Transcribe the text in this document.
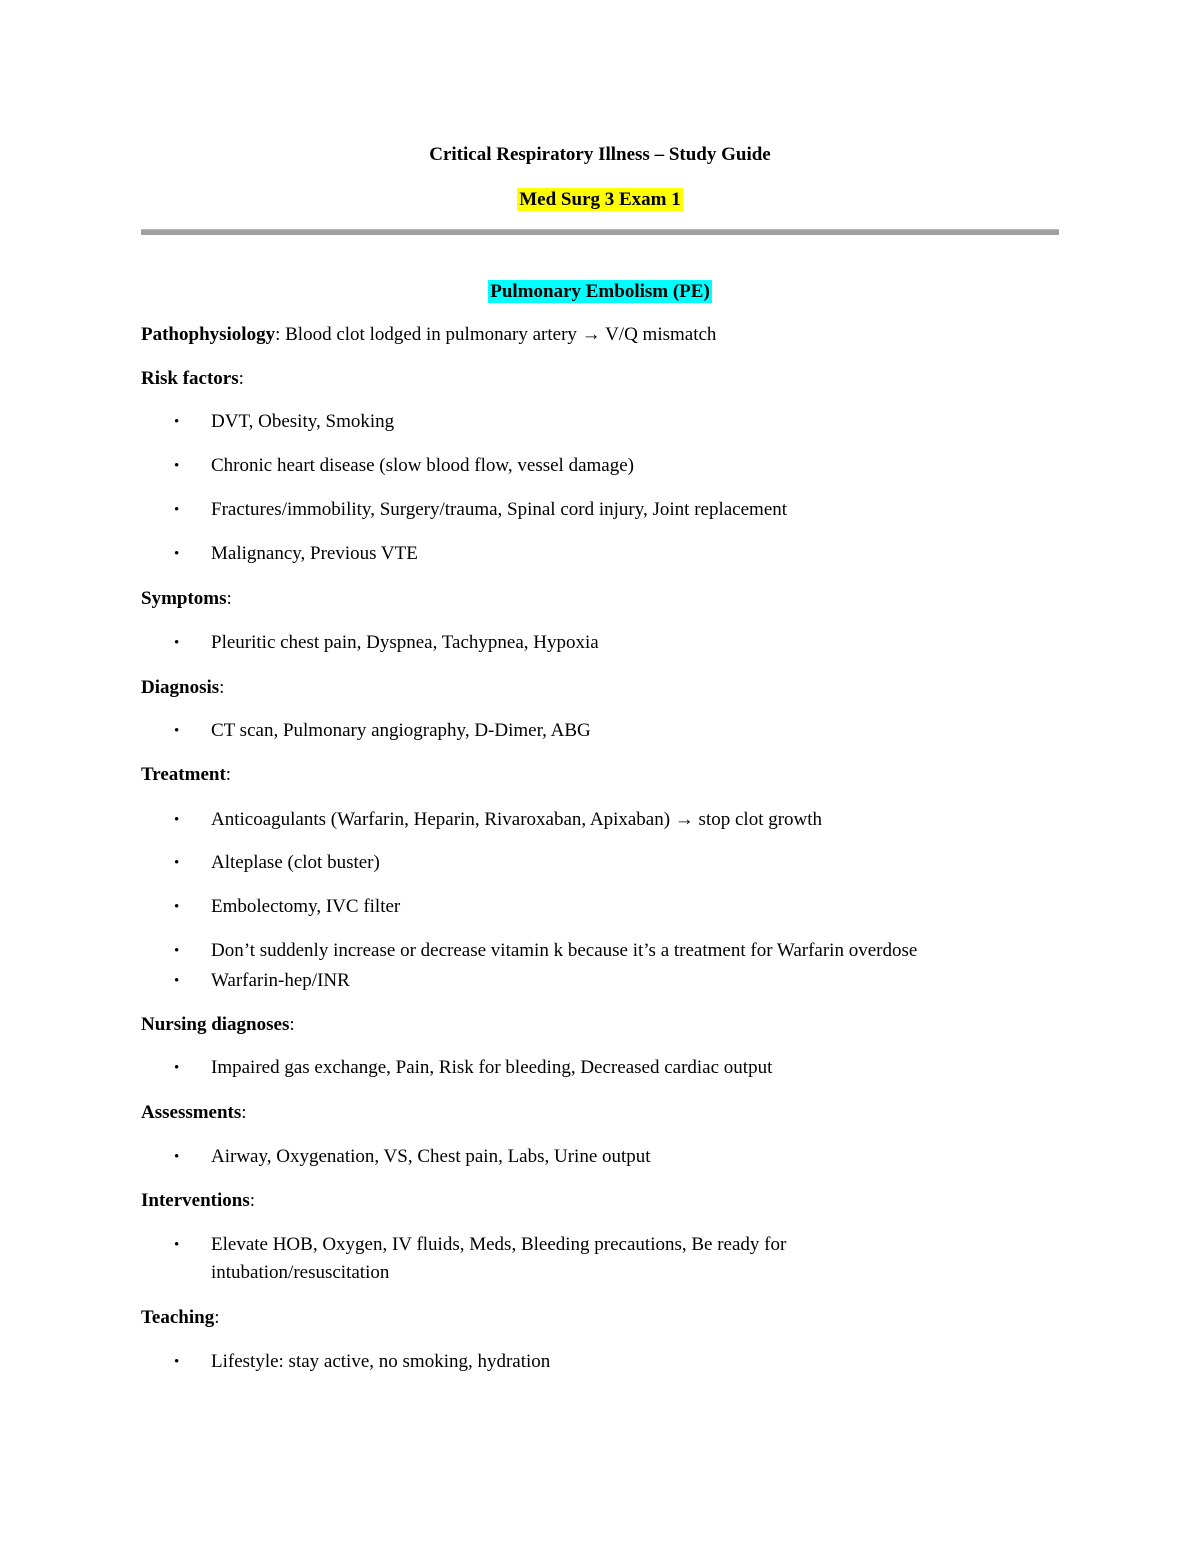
Critical Respiratory Illness – Study Guide
Med Surg 3 Exam 1
Pulmonary Embolism (PE)
Pathophysiology: Blood clot lodged in pulmonary artery → V/Q mismatch
Risk factors:
• DVT, Obesity, Smoking
• Chronic heart disease (slow blood flow, vessel damage)
• Fractures/immobility, Surgery/trauma, Spinal cord injury, Joint replacement
• Malignancy, Previous VTE
Symptoms:
• Pleuritic chest pain, Dyspnea, Tachypnea, Hypoxia
Diagnosis:
• CT scan, Pulmonary angiography, D-Dimer, ABG
Treatment:
• Anticoagulants (Warfarin, Heparin, Rivaroxaban, Apixaban) → stop clot growth
• Alteplase (clot buster)
• Embolectomy, IVC filter
• Don’t suddenly increase or decrease vitamin k because it’s a treatment for Warfarin overdose
• Warfarin-hep/INR
Nursing diagnoses:
• Impaired gas exchange, Pain, Risk for bleeding, Decreased cardiac output
Assessments:
• Airway, Oxygenation, VS, Chest pain, Labs, Urine output
Interventions:
• Elevate HOB, Oxygen, IV fluids, Meds, Bleeding precautions, Be ready for
intubation/resuscitation
Teaching:
• Lifestyle: stay active, no smoking, hydration
